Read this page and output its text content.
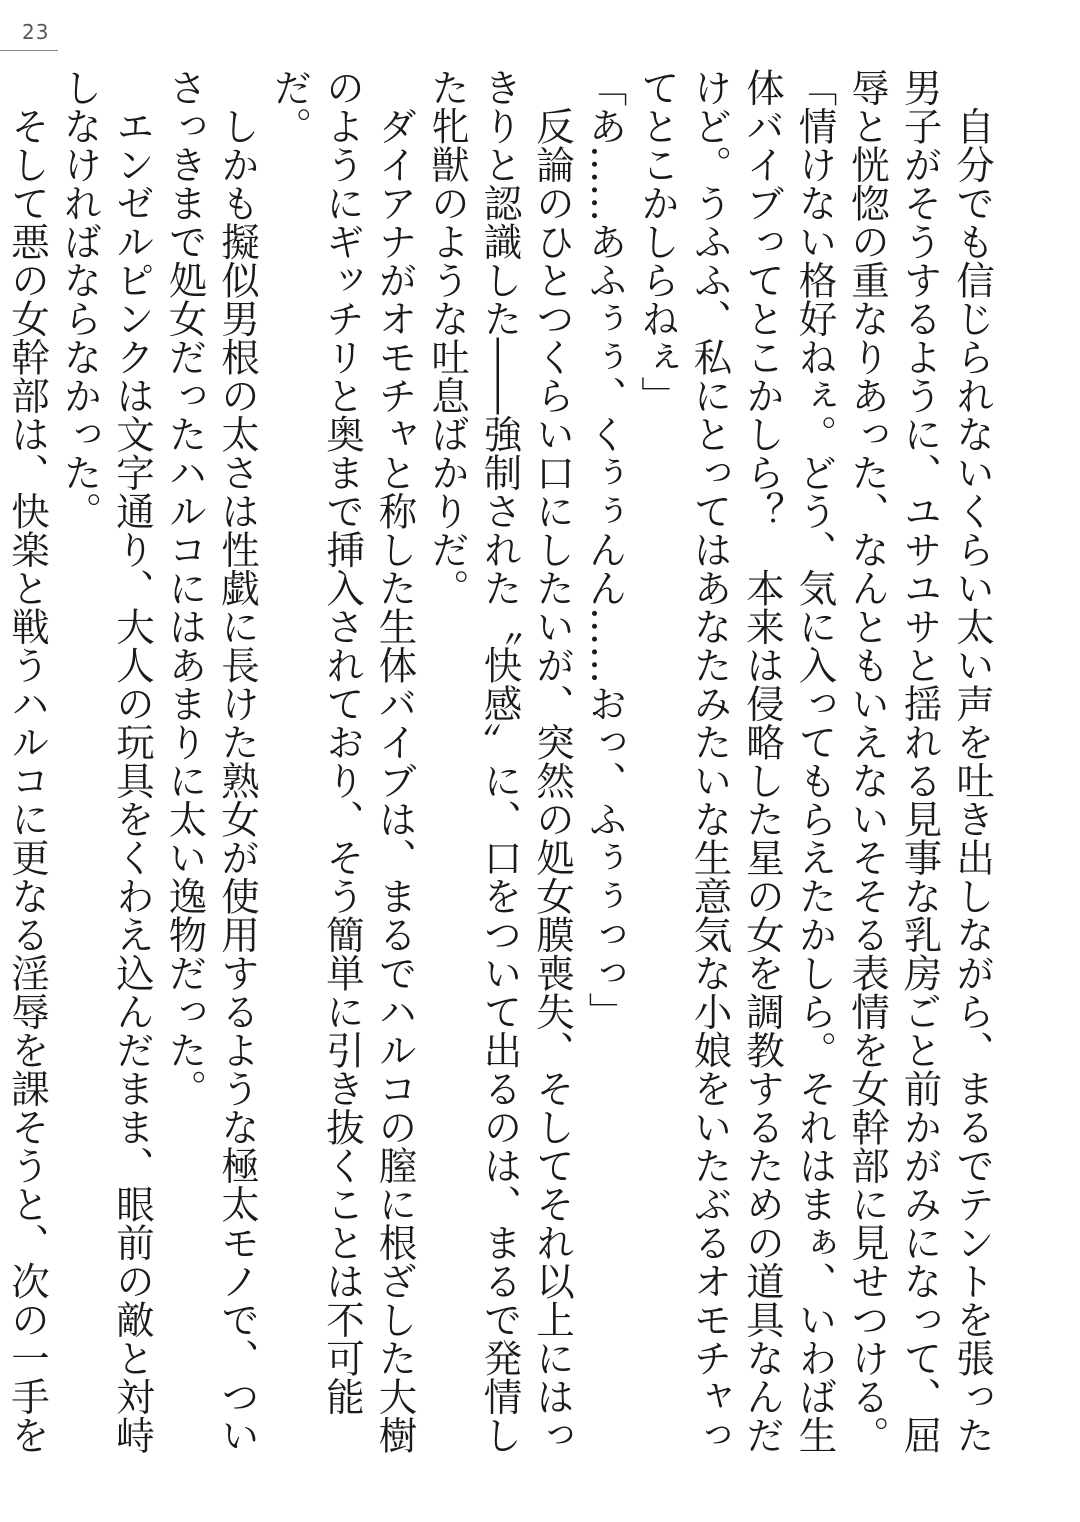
23

　自分でも信じられないくらい太い声を吐き出しながら、まるでテントを張った男子がそうするように、ユサユサと揺れる見事な乳房ごと前かがみになって、屈辱と恍惚の重なりあった、なんともいえないそそる表情を女幹部に見せつける。

「情けない格好ねぇ。どう、気に入ってもらえたかしら。それはまぁ、いわば生体バイブってとこかしら？　本来は侵略した星の女を調教するための道具なんだけど。うふふ、私にとってはあなたみたいな生意気な小娘をいたぶるオモチャってとこかしらねぇ」

「あ……あふぅぅ、くぅぅんん……おっ、ふぅぅっっ」

　反論のひとつくらい口にしたいが、突然の処女膜喪失、そしてそれ以上にはっきりと認識した――強制された〝快感〟に、口をついて出るのは、まるで発情した牝獣のような吐息ばかりだ。

　ダイアナがオモチャと称した生体バイブは、まるでハルコの膣に根ざした大樹のようにギッチリと奥まで挿入されており、そう簡単に引き抜くことは不可能だ。

　しかも擬似男根の太さは性戯に長けた熟女が使用するような極太モノで、ついさっきまで処女だったハルコにはあまりに太い逸物だった。

　エンゼルピンクは文字通り、大人の玩具をくわえ込んだまま、眼前の敵と対峙しなければならなかった。

　そして悪の女幹部は、快楽と戦うハルコに更なる淫辱を課そうと、次の一手を
